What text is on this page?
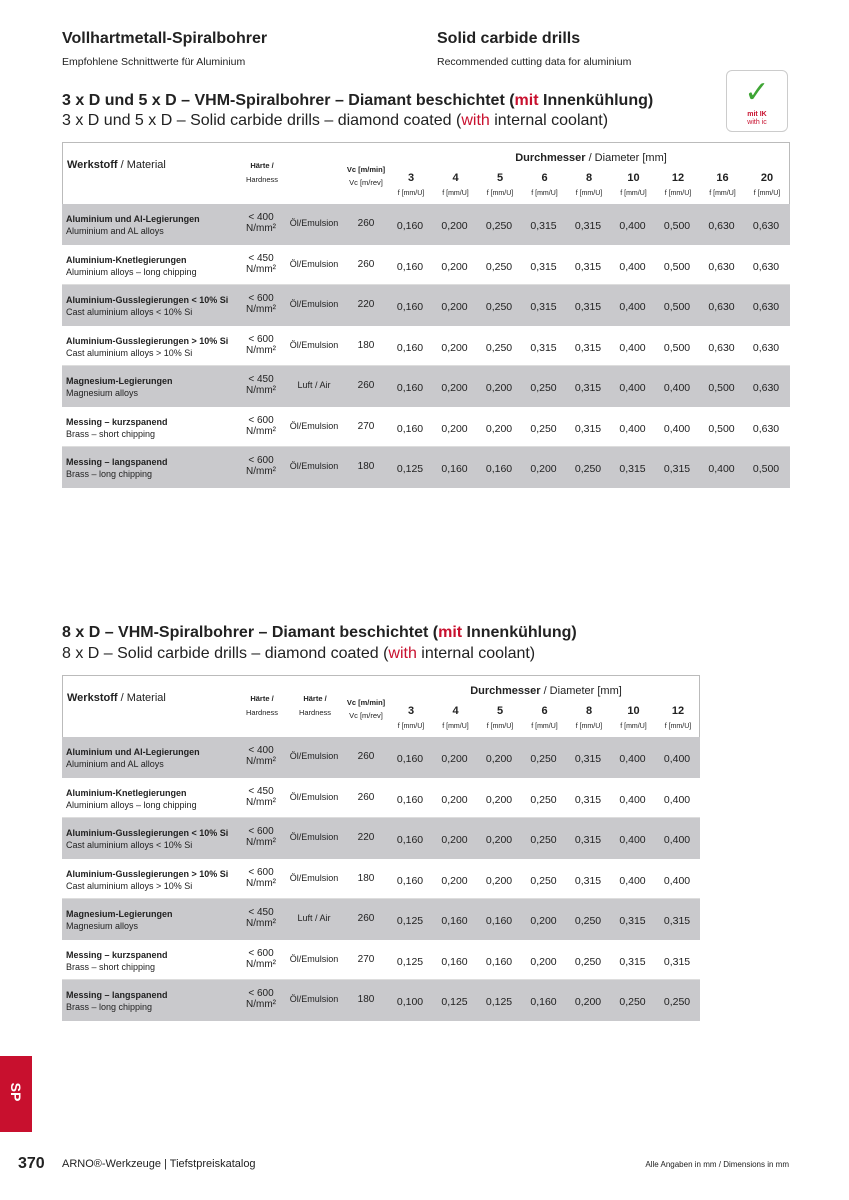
Vollhartmetall-Spiralbohrer	Solid carbide drills
Empfohlene Schnittwerte für Aluminium	Recommended cutting data for aluminium
✓
mit IK
with ic
3 x D und 5 x D – VHM-Spiralbohrer – Diamant beschichtet (mit Innenkühlung)
3 x D und 5 x D – Solid carbide drills – diamond coated (with internal coolant)
Werkstoff / Material	Härte /
Hardness
Vc [m/min]
Vc [m/rev]
Durchmesser / Diameter [mm]
3
f [mm/U]
4
f [mm/U]
5
f [mm/U]
6
f [mm/U]
8
f [mm/U]
10
f [mm/U]
12
f [mm/U]
16
f [mm/U]
20
f [mm/U]
Aluminium und Al-Legierungen
Aluminium and AL alloys
< 400
N/mm²	Öl/Emulsion	260	0,160	0,200	0,250	0,315	0,315	0,400	0,500	0,630	0,630
Aluminium-Knetlegierungen
Aluminium alloys – long chipping
< 450
N/mm²	Öl/Emulsion	260	0,160	0,200	0,250	0,315	0,315	0,400	0,500	0,630	0,630
Aluminium-Gusslegierungen < 10% Si
Cast aluminium alloys < 10% Si
< 600
N/mm²	Öl/Emulsion	220	0,160	0,200	0,250	0,315	0,315	0,400	0,500	0,630	0,630
Aluminium-Gusslegierungen > 10% Si
Cast aluminium alloys > 10% Si
< 600
N/mm²	Öl/Emulsion	180	0,160	0,200	0,250	0,315	0,315	0,400	0,500	0,630	0,630
Magnesium-Legierungen
Magnesium alloys
< 450
N/mm²	Luft / Air	260	0,160	0,200	0,200	0,250	0,315	0,400	0,400	0,500	0,630
Messing – kurzspanend
Brass – short chipping
< 600
N/mm²	Öl/Emulsion	270	0,160	0,200	0,200	0,250	0,315	0,400	0,400	0,500	0,630
Messing – langspanend
Brass – long chipping
< 600
N/mm²	Öl/Emulsion	180	0,125	0,160	0,160	0,200	0,250	0,315	0,315	0,400	0,500
8 x D – VHM-Spiralbohrer – Diamant beschichtet (mit Innenkühlung)
8 x D – Solid carbide drills – diamond coated (with internal coolant)
Werkstoff / Material	Härte /
Hardness
Härte /
Hardness
Vc [m/min]
Vc [m/rev]
Durchmesser / Diameter [mm]
3
f [mm/U]
4
f [mm/U]
5
f [mm/U]
6
f [mm/U]
8
f [mm/U]
10
f [mm/U]
12
f [mm/U]
Aluminium und Al-Legierungen
Aluminium and AL alloys
< 400
N/mm²	Öl/Emulsion	260	0,160	0,200	0,200	0,250	0,315	0,400	0,400
Aluminium-Knetlegierungen
Aluminium alloys – long chipping
< 450
N/mm²	Öl/Emulsion	260	0,160	0,200	0,200	0,250	0,315	0,400	0,400
Aluminium-Gusslegierungen < 10% Si
Cast aluminium alloys < 10% Si
< 600
N/mm²	Öl/Emulsion	220	0,160	0,200	0,200	0,250	0,315	0,400	0,400
Aluminium-Gusslegierungen > 10% Si
Cast aluminium alloys > 10% Si
< 600
N/mm²	Öl/Emulsion	180	0,160	0,200	0,200	0,250	0,315	0,400	0,400
Magnesium-Legierungen
Magnesium alloys
< 450
N/mm²	Luft / Air	260	0,125	0,160	0,160	0,200	0,250	0,315	0,315
Messing – kurzspanend
Brass – short chipping
< 600
N/mm²	Öl/Emulsion	270	0,125	0,160	0,160	0,200	0,250	0,315	0,315
Messing – langspanend
Brass – long chipping
< 600
N/mm²	Öl/Emulsion	180	0,100	0,125	0,125	0,160	0,200	0,250	0,250
SP
370 ARNO®-Werkzeuge | Tiefstpreiskatalog	Alle Angaben in mm / Dimensions in mm
